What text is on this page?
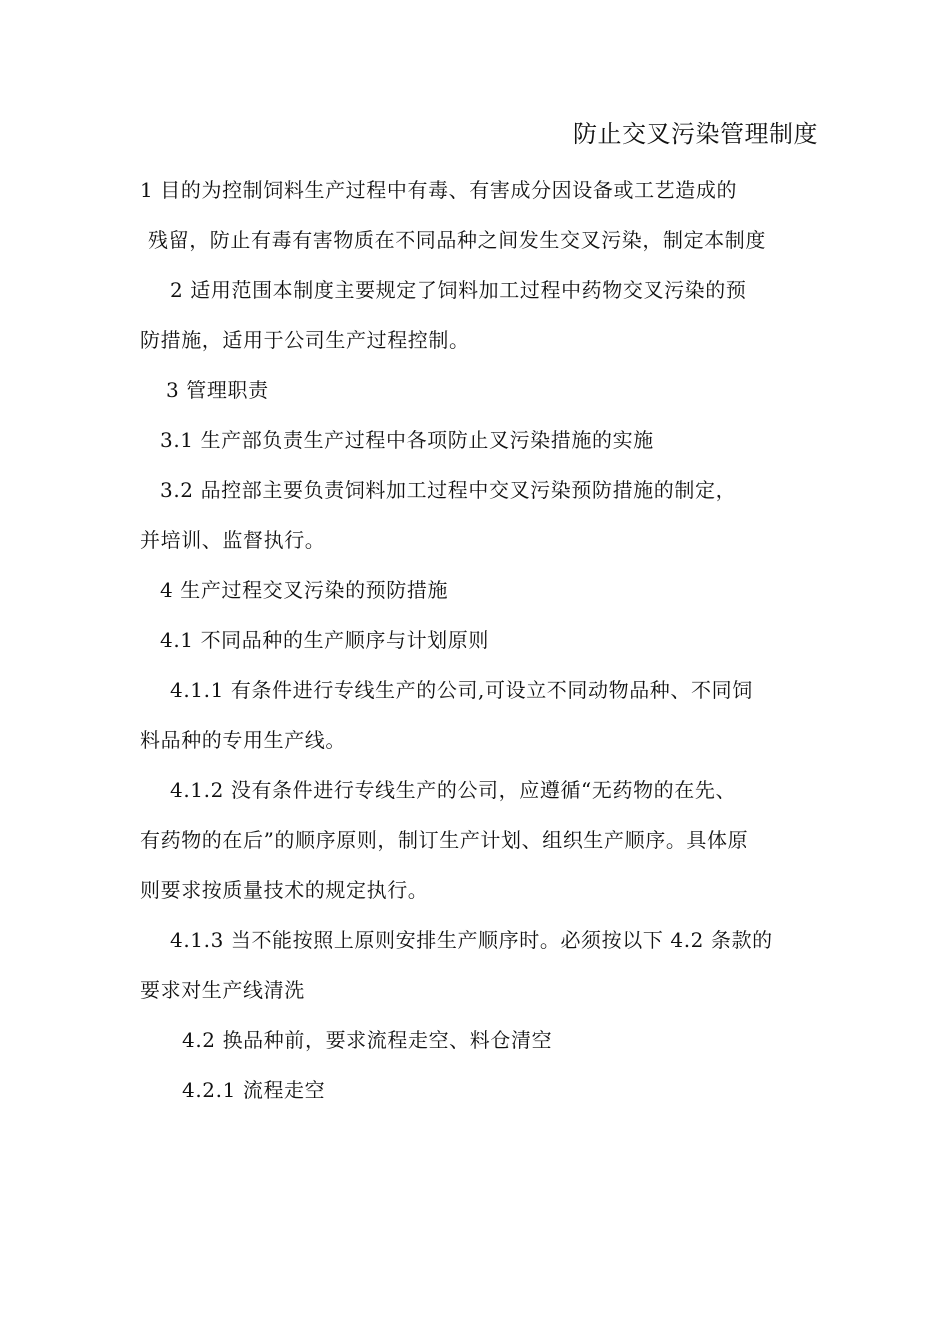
防止交叉污染管理制度
1 目的为控制饲料生产过程中有毒、有害成分因设备或工艺造成的
残留，防止有毒有害物质在不同品种之间发生交叉污染，制定本制度
2 适用范围本制度主要规定了饲料加工过程中药物交叉污染的预
防措施，适用于公司生产过程控制。
3 管理职责
3.1 生产部负责生产过程中各项防止叉污染措施的实施
3.2 品控部主要负责饲料加工过程中交叉污染预防措施的制定，
并培训、监督执行。
4 生产过程交叉污染的预防措施
4.1 不同品种的生产顺序与计划原则
4.1.1 有条件进行专线生产的公司,可设立不同动物品种、不同饲
料品种的专用生产线。
4.1.2 没有条件进行专线生产的公司，应遵循“无药物的在先、
有药物的在后”的顺序原则，制订生产计划、组织生产顺序。具体原
则要求按质量技术的规定执行。
4.1.3 当不能按照上原则安排生产顺序时。必须按以下 4.2 条款的
要求对生产线清洗
4.2 换品种前，要求流程走空、料仓清空
4.2.1 流程走空
